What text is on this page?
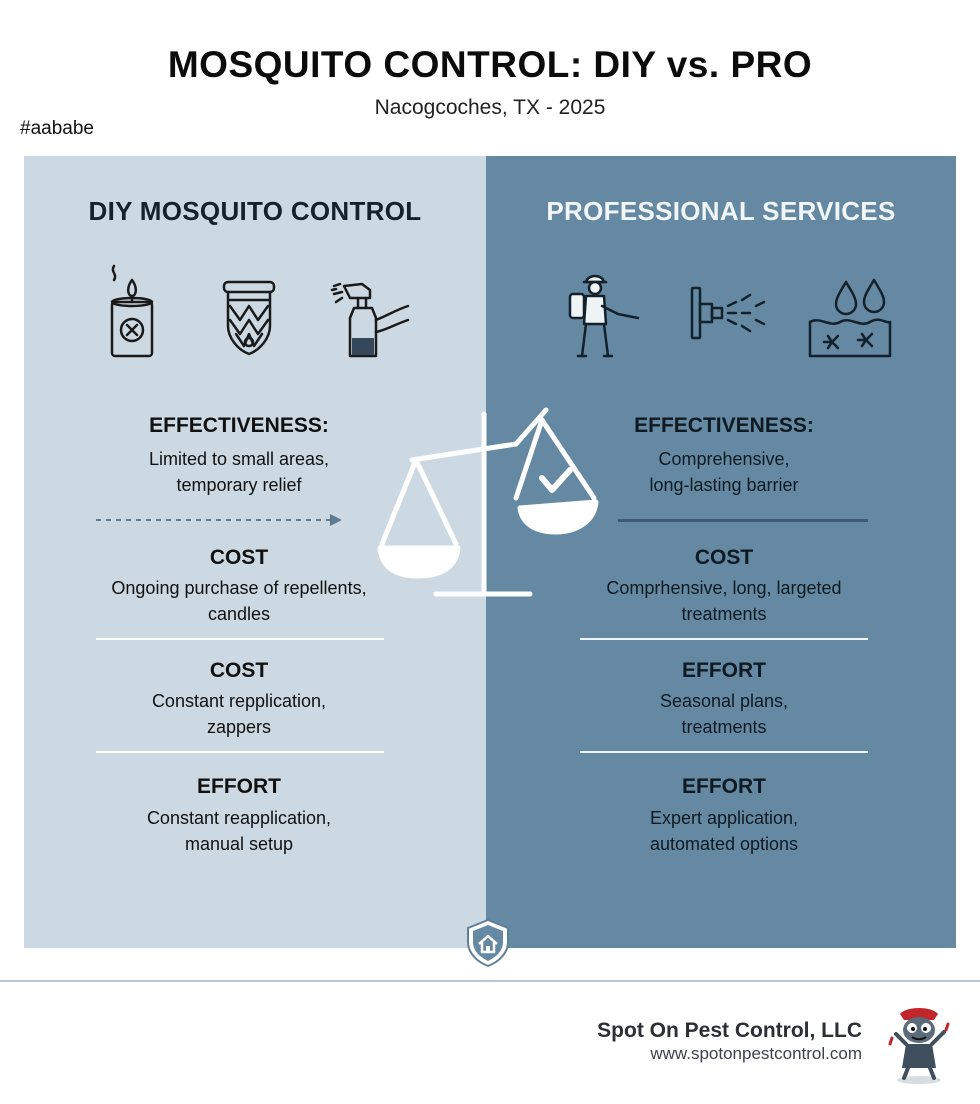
MOSQUITO CONTROL: DIY vs. PRO
Nacogcoches, TX - 2025
#aababe
DIY MOSQUITO CONTROL	PROFESSIONAL SERVICES
EFFECTIVENESS:
Limited to small areas,
temporary relief
COST
Ongoing purchase of repellents,
candles
COST
Constant repplication,
zappers
EFFORT
Constant reapplication,
manual setup
EFFECTIVENESS:
Comprehensive,
long-lasting barrier
COST
Comprhensive, long, largeted
treatments
EFFORT
Seasonal plans,
treatments
EFFORT
Expert application,
automated options
Spot On Pest Control, LLC
www.spotonpestcontrol.com
